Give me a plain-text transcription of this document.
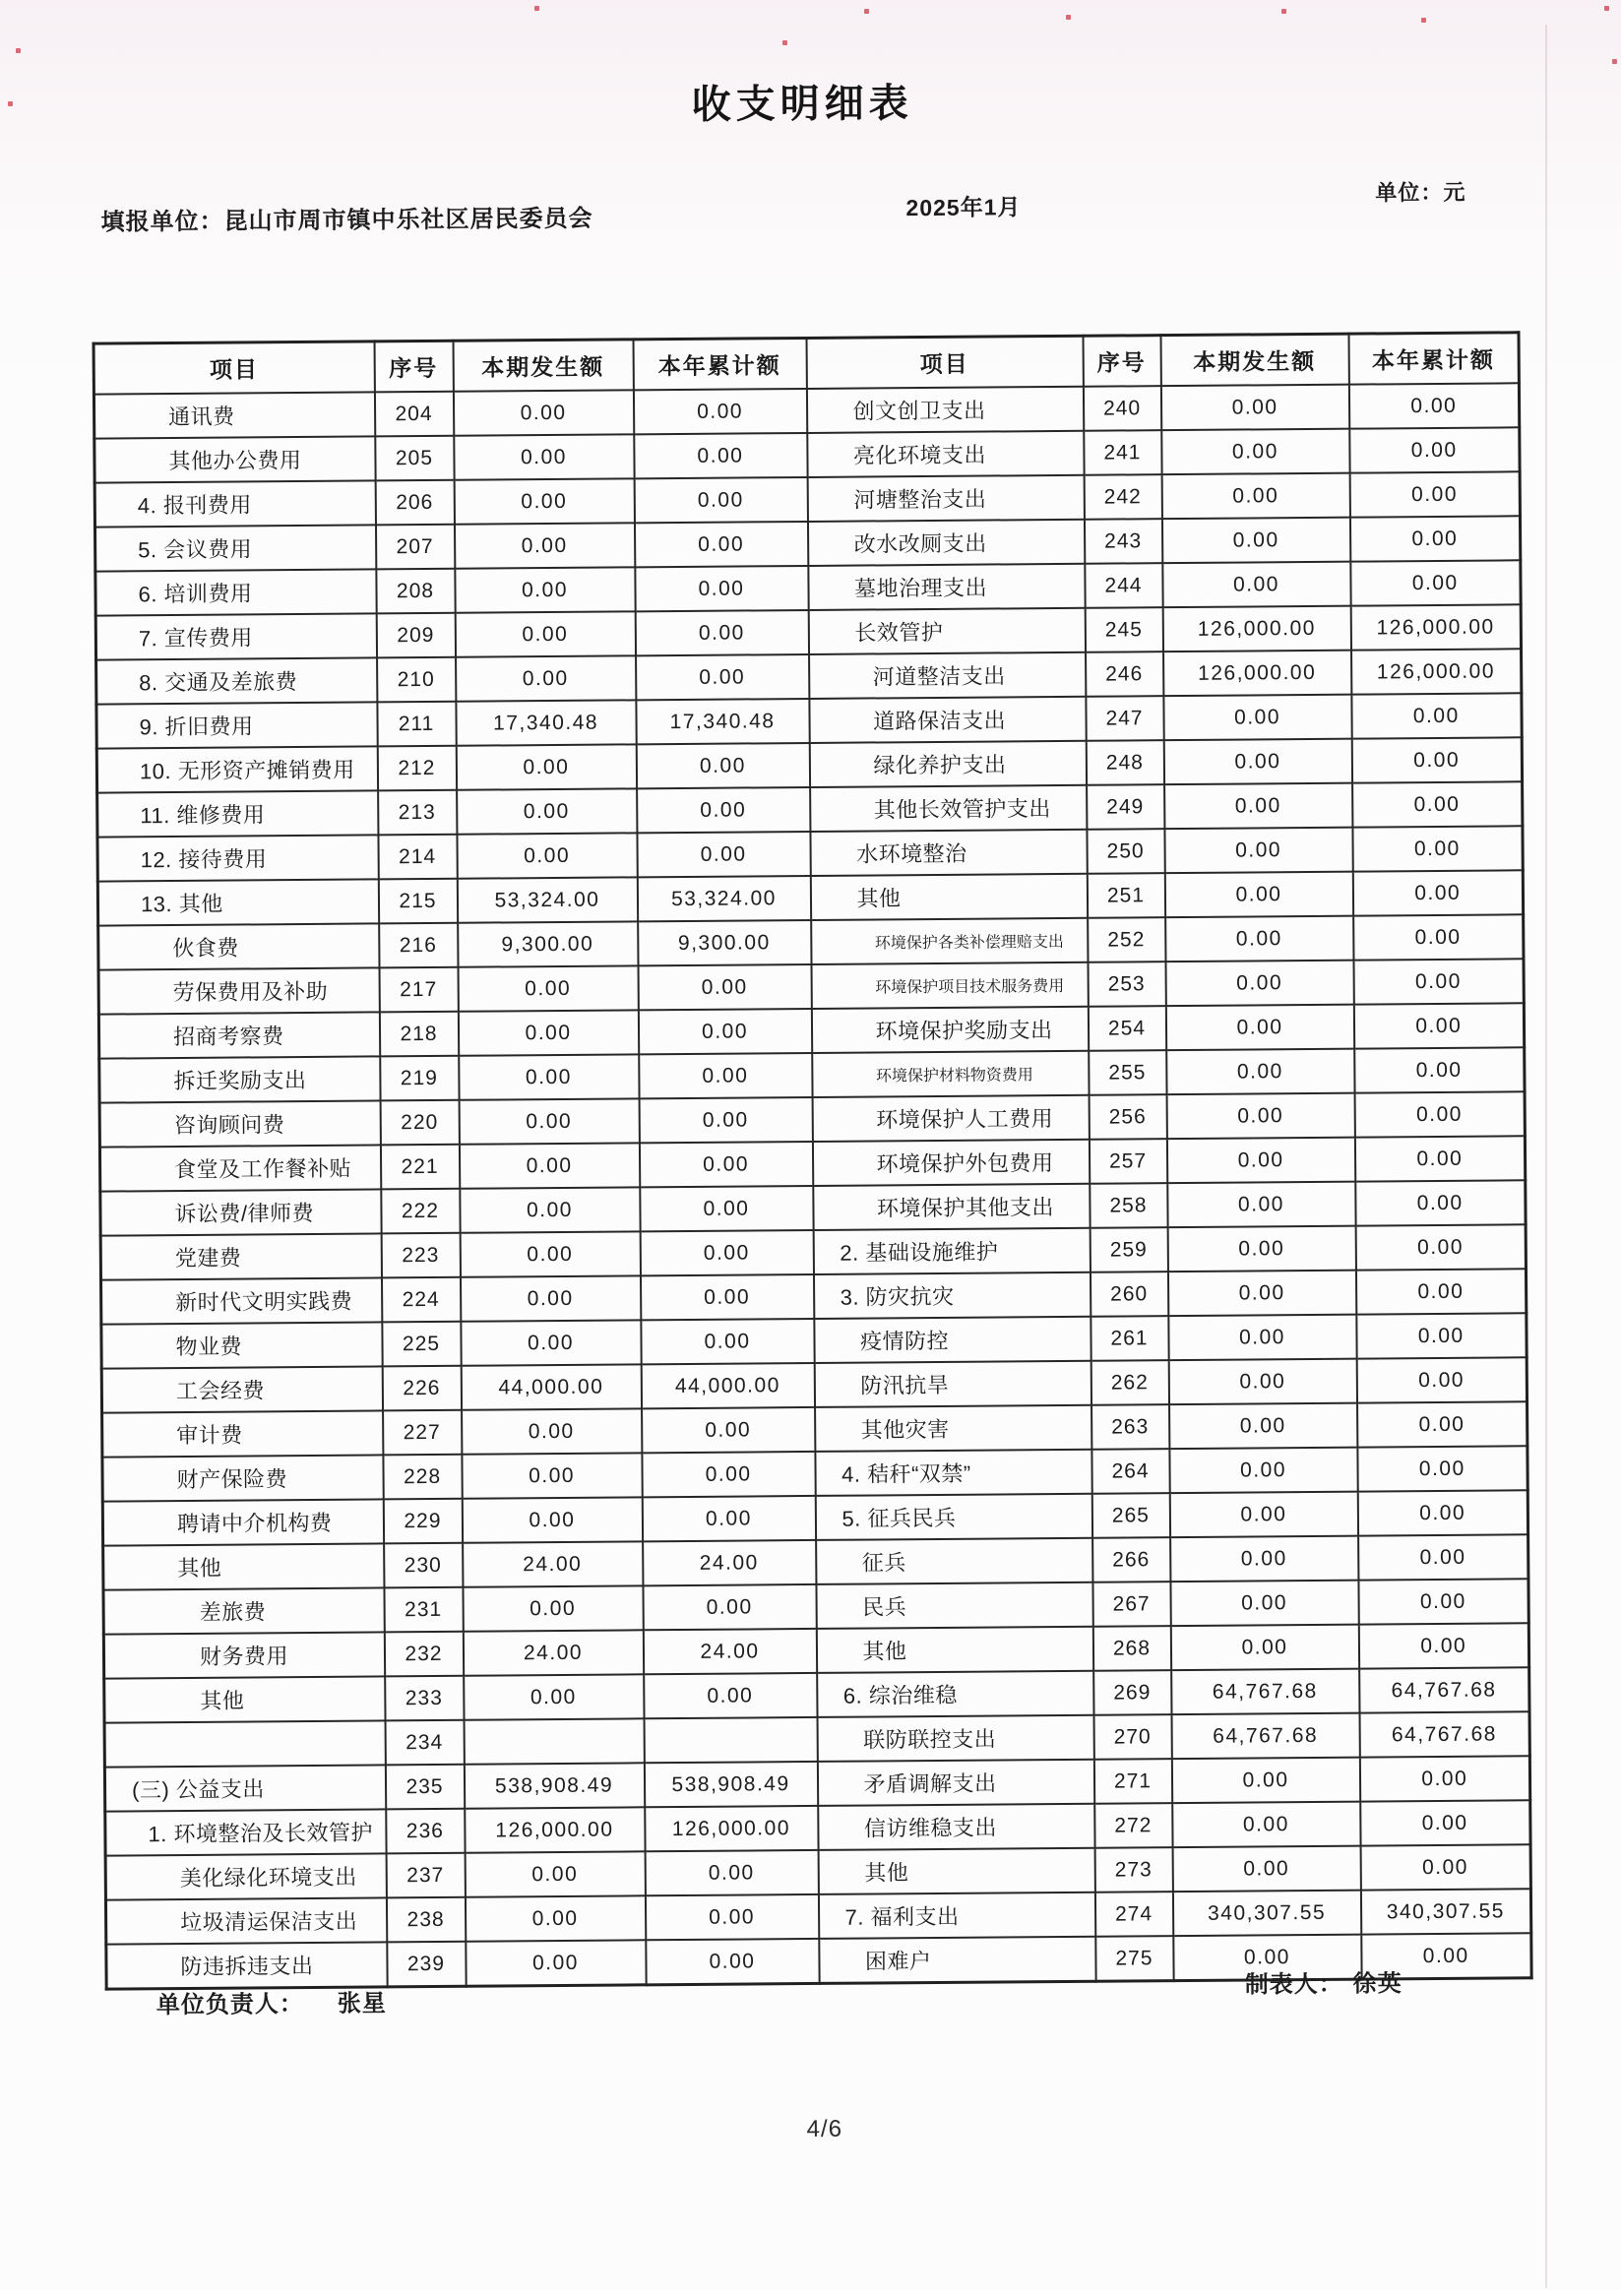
收支明细表
填报单位：昆山市周市镇中乐社区居民委员会	2025年1月
单位：元
项目	序号	本期发生额	本年累计额	项目	序号	本期发生额	本年累计额
通讯费	204	0.00	0.00	创文创卫支出	240	0.00	0.00
其他办公费用	205	0.00	0.00	亮化环境支出	241	0.00	0.00
4. 报刊费用	206	0.00	0.00	河塘整治支出	242	0.00	0.00
5. 会议费用	207	0.00	0.00	改水改厕支出	243	0.00	0.00
6. 培训费用	208	0.00	0.00	墓地治理支出	244	0.00	0.00
7. 宣传费用	209	0.00	0.00	长效管护	245	126,000.00	126,000.00
8. 交通及差旅费	210	0.00	0.00	河道整洁支出	246	126,000.00	126,000.00
9. 折旧费用	211	17,340.48	17,340.48	道路保洁支出	247	0.00	0.00
10. 无形资产摊销费用	212	0.00	0.00	绿化养护支出	248	0.00	0.00
11. 维修费用	213	0.00	0.00	其他长效管护支出	249	0.00	0.00
12. 接待费用	214	0.00	0.00	水环境整治	250	0.00	0.00
13. 其他	215	53,324.00	53,324.00	其他	251	0.00	0.00
伙食费	216	9,300.00	9,300.00	环境保护各类补偿理赔支出	252	0.00	0.00
劳保费用及补助	217	0.00	0.00	环境保护项目技术服务费用	253	0.00	0.00
招商考察费	218	0.00	0.00	环境保护奖励支出	254	0.00	0.00
拆迁奖励支出	219	0.00	0.00	环境保护材料物资费用	255	0.00	0.00
咨询顾问费	220	0.00	0.00	环境保护人工费用	256	0.00	0.00
食堂及工作餐补贴	221	0.00	0.00	环境保护外包费用	257	0.00	0.00
诉讼费/律师费	222	0.00	0.00	环境保护其他支出	258	0.00	0.00
党建费	223	0.00	0.00	2. 基础设施维护	259	0.00	0.00
新时代文明实践费	224	0.00	0.00	3. 防灾抗灾	260	0.00	0.00
物业费	225	0.00	0.00	疫情防控	261	0.00	0.00
工会经费	226	44,000.00	44,000.00	防汛抗旱	262	0.00	0.00
审计费	227	0.00	0.00	其他灾害	263	0.00	0.00
财产保险费	228	0.00	0.00	4. 秸秆“双禁”	264	0.00	0.00
聘请中介机构费	229	0.00	0.00	5. 征兵民兵	265	0.00	0.00
其他	230	24.00	24.00	征兵	266	0.00	0.00
差旅费	231	0.00	0.00	民兵	267	0.00	0.00
财务费用	232	24.00	24.00	其他	268	0.00	0.00
其他	233	0.00	0.00	6. 综治维稳	269	64,767.68	64,767.68
	234			联防联控支出	270	64,767.68	64,767.68
(三) 公益支出	235	538,908.49	538,908.49	矛盾调解支出	271	0.00	0.00
1. 环境整治及长效管护	236	126,000.00	126,000.00	信访维稳支出	272	0.00	0.00
美化绿化环境支出	237	0.00	0.00	其他	273	0.00	0.00
垃圾清运保洁支出	238	0.00	0.00	7. 福利支出	274	340,307.55	340,307.55
防违拆违支出	239	0.00	0.00	困难户	275	0.00	0.00
单位负责人： 张星
制表人： 徐英
4/6
